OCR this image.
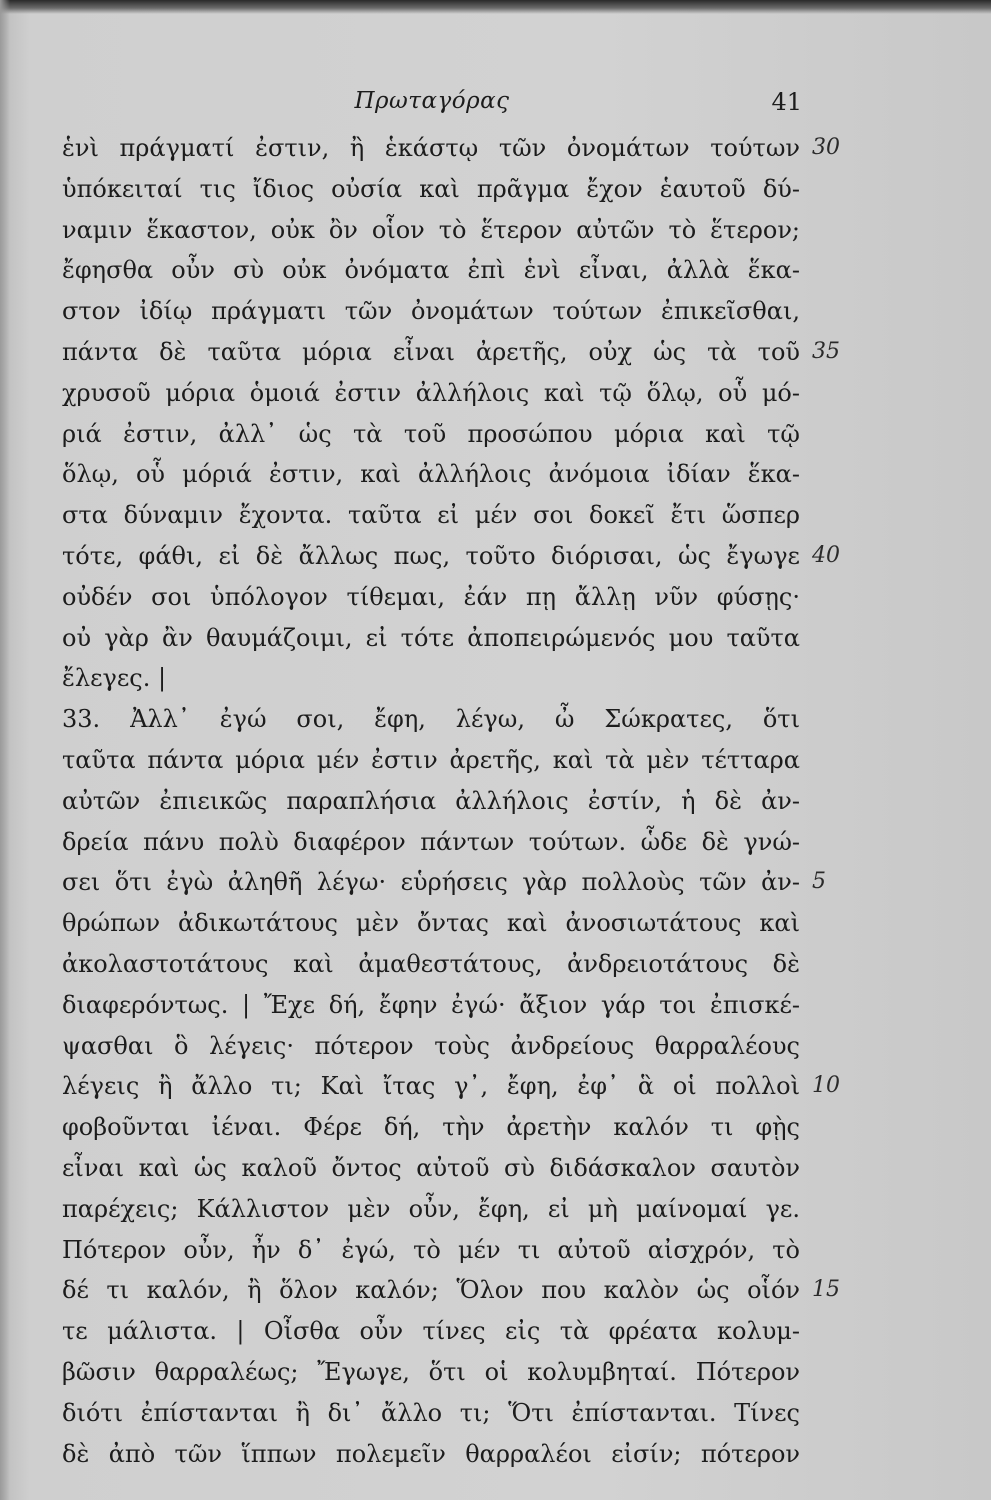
Πρωταγόρας	41
ἑνὶ πράγματί ἐστιν, ἢ ἑκάστῳ τῶν ὀνομάτων τούτων
ὑπόκειταί τις ἴδιος οὐσία καὶ πρᾶγμα ἔχον ἑαυτοῦ δύ-
ναμιν ἕκαστον, οὐκ ὂν οἷον τὸ ἕτερον αὐτῶν τὸ ἕτερον;
ἔφησθα οὖν σὺ οὐκ ὀνόματα ἐπὶ ἑνὶ εἶναι, ἀλλὰ ἕκα-
στον ἰδίῳ πράγματι τῶν ὀνομάτων τούτων ἐπικεῖσθαι,
πάντα δὲ ταῦτα μόρια εἶναι ἀρετῆς, οὐχ ὡς τὰ τοῦ
χρυσοῦ μόρια ὁμοιά ἐστιν ἀλλήλοις καὶ τῷ ὅλῳ, οὗ μό-
ριά ἐστιν, ἀλλ᾽ ὡς τὰ τοῦ προσώπου μόρια καὶ τῷ
ὅλῳ, οὗ μόριά ἐστιν, καὶ ἀλλήλοις ἀνόμοια ἰδίαν ἕκα-
στα δύναμιν ἔχοντα. ταῦτα εἰ μέν σοι δοκεῖ ἔτι ὥσπερ
τότε, φάθι, εἰ δὲ ἄλλως πως, τοῦτο διόρισαι, ὡς ἔγωγε
οὐδέν σοι ὑπόλογον τίθεμαι, ἐάν πῃ ἄλλῃ νῦν φύσῃς·
οὐ γὰρ ἂν θαυμάζοιμι, εἰ τότε ἀποπειρώμενός μου ταῦτα
ἔλεγες. |
33. Ἀλλ᾽ ἐγώ σοι, ἔφη, λέγω, ὦ Σώκρατες, ὅτι
ταῦτα πάντα μόρια μέν ἐστιν ἀρετῆς, καὶ τὰ μὲν τέτταρα
αὐτῶν ἐπιεικῶς παραπλήσια ἀλλήλοις ἐστίν, ἡ δὲ ἀν-
δρεία πάνυ πολὺ διαφέρον πάντων τούτων. ὧδε δὲ γνώ-
σει ὅτι ἐγὼ ἀληθῆ λέγω· εὑρήσεις γὰρ πολλοὺς τῶν ἀν-
θρώπων ἀδικωτάτους μὲν ὄντας καὶ ἀνοσιωτάτους καὶ
ἀκολαστοτάτους καὶ ἀμαθεστάτους, ἀνδρειοτάτους δὲ
διαφερόντως. | Ἔχε δή, ἔφην ἐγώ· ἄξιον γάρ τοι ἐπισκέ-
ψασθαι ὃ λέγεις· πότερον τοὺς ἀνδρείους θαρραλέους
λέγεις ἢ ἄλλο τι; Καὶ ἴτας γ᾽, ἔφη, ἐφ᾽ ἃ οἱ πολλοὶ
φοβοῦνται ἰέναι. Φέρε δή, τὴν ἀρετὴν καλόν τι φῂς
εἶναι καὶ ὡς καλοῦ ὄντος αὐτοῦ σὺ διδάσκαλον σαυτὸν
παρέχεις; Κάλλιστον μὲν οὖν, ἔφη, εἰ μὴ μαίνομαί γε.
Πότερον οὖν, ἦν δ᾽ ἐγώ, τὸ μέν τι αὐτοῦ αἰσχρόν, τὸ
δέ τι καλόν, ἢ ὅλον καλόν; Ὅλον που καλὸν ὡς οἷόν
τε μάλιστα. | Οἶσθα οὖν τίνες εἰς τὰ φρέατα κολυμ-
βῶσιν θαρραλέως; Ἔγωγε, ὅτι οἱ κολυμβηταί. Πότερον
διότι ἐπίστανται ἢ δι᾽ ἄλλο τι; Ὅτι ἐπίστανται. Τίνες
δὲ ἀπὸ τῶν ἵππων πολεμεῖν θαρραλέοι εἰσίν; πότερον
30
35
40
5
10
15
